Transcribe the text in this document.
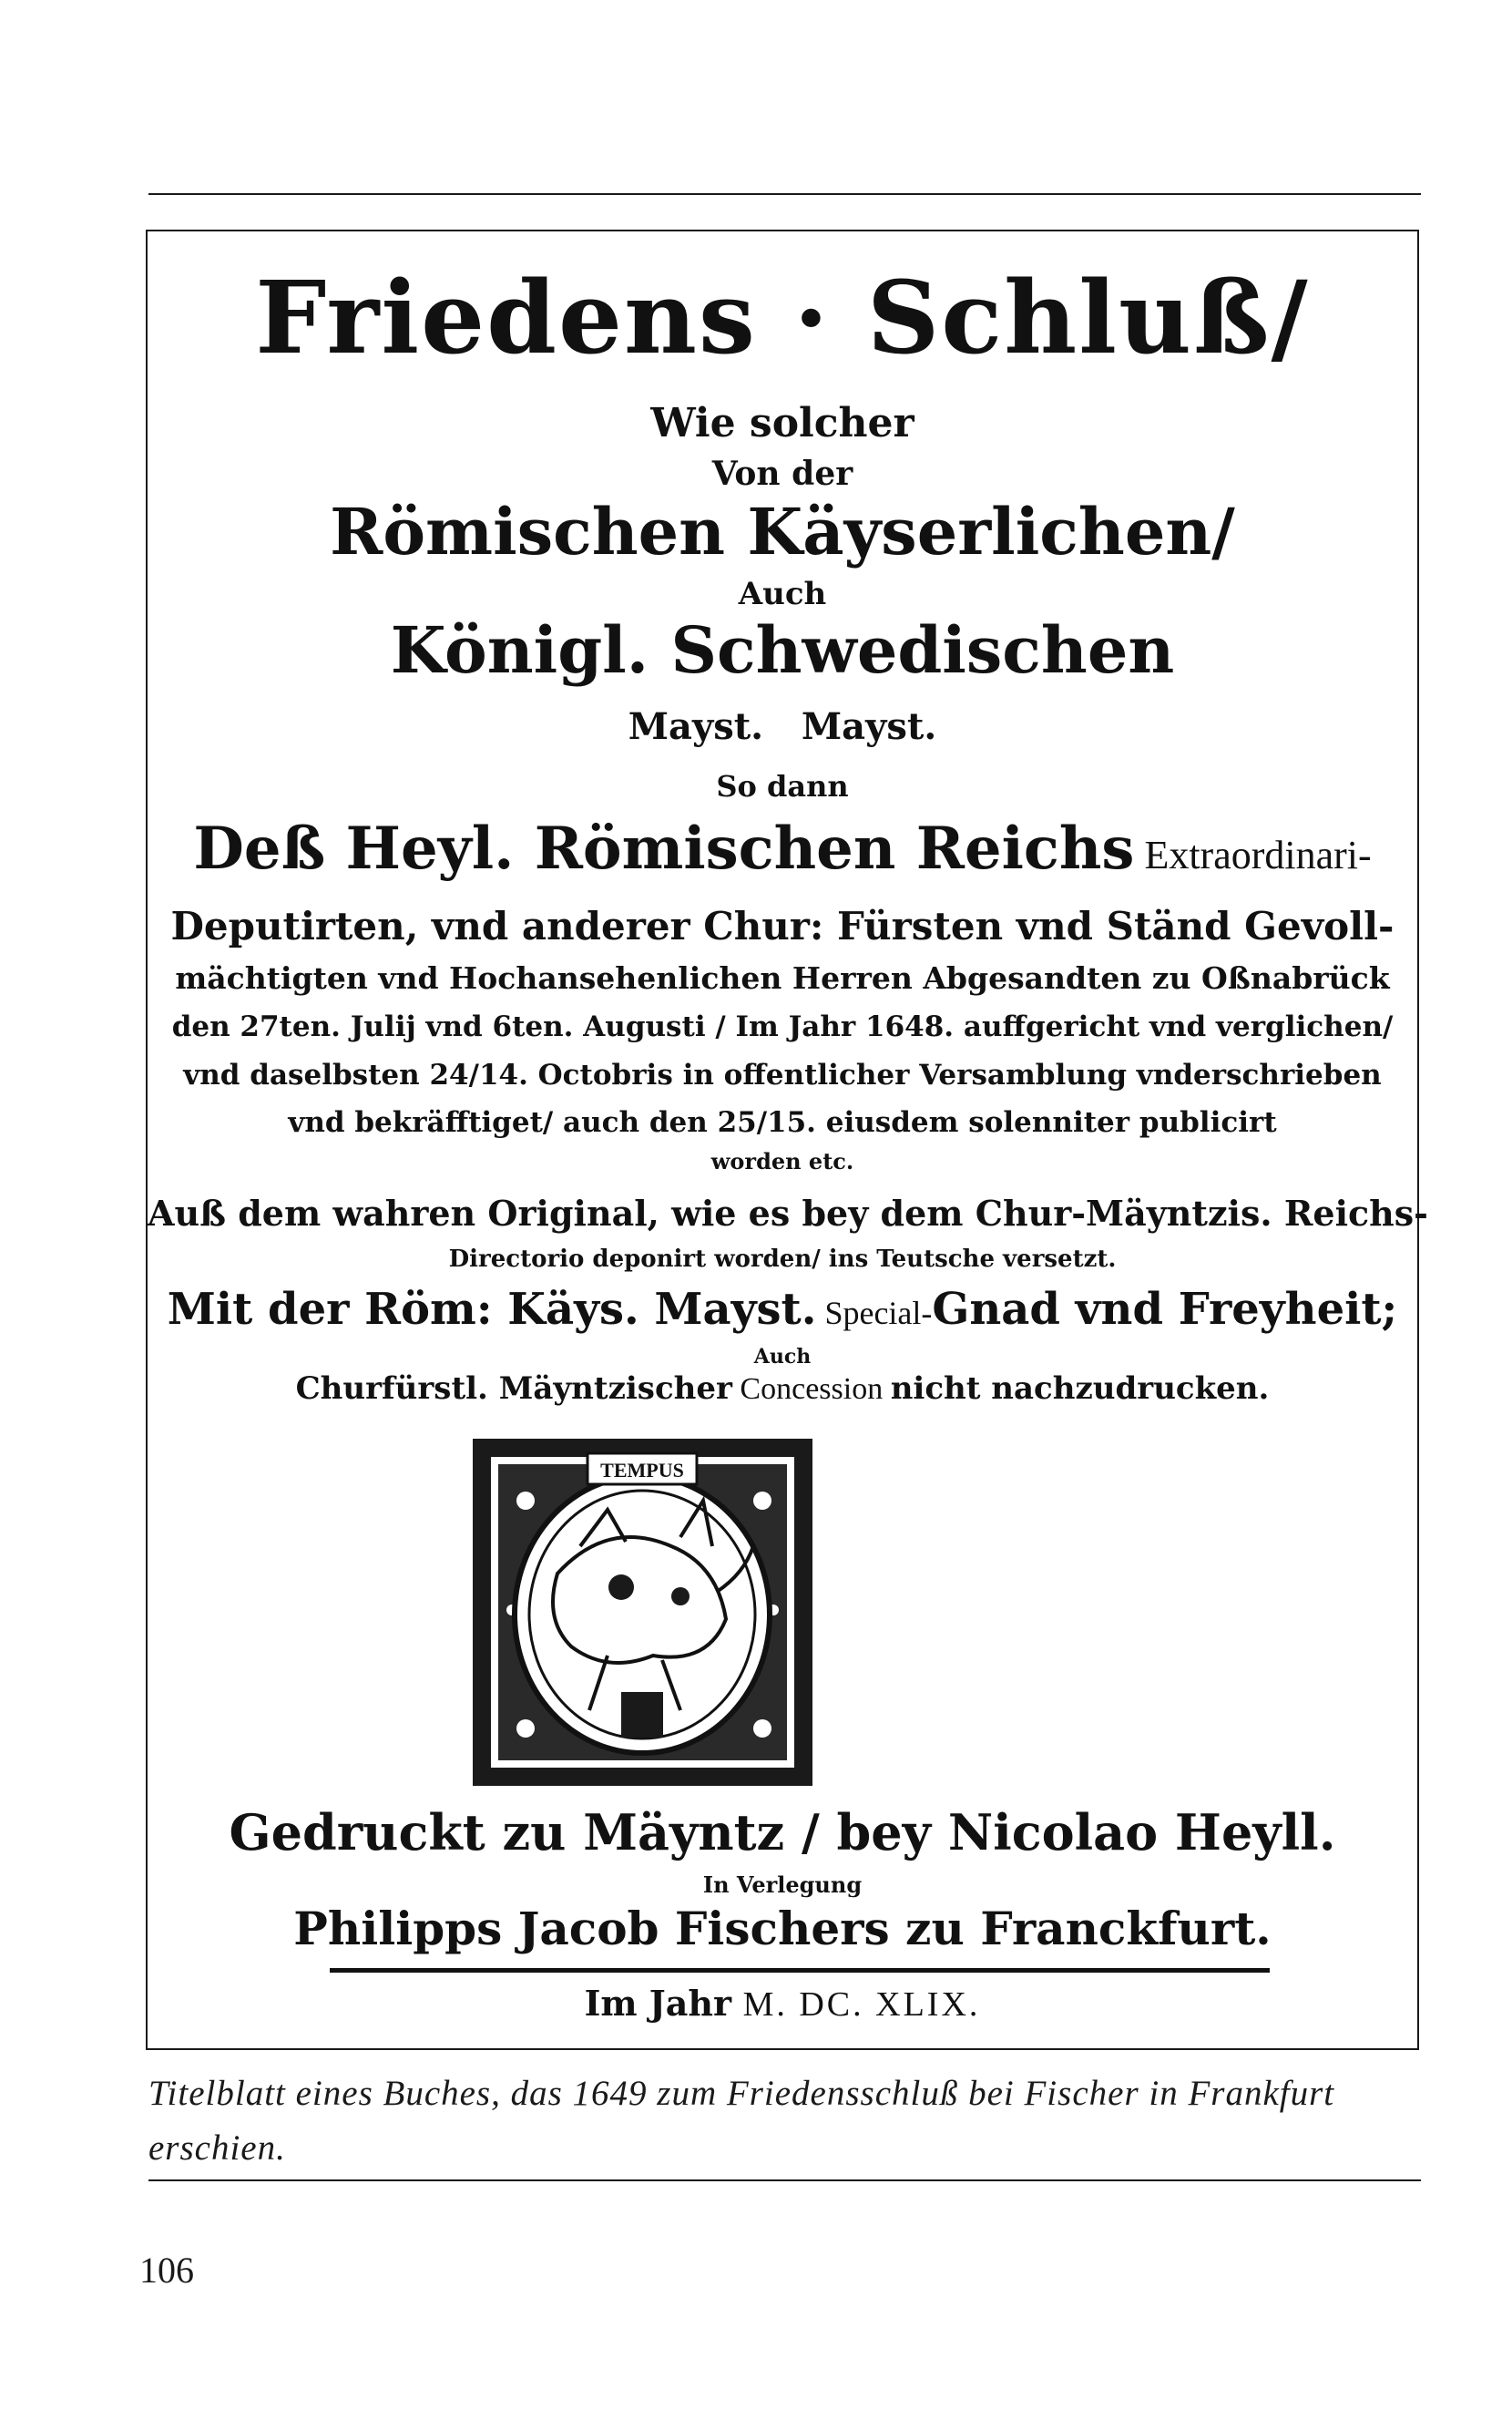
Friedens · Schluß/
Wie solcher
Von der
Römischen Käyserlichen/
Auch
Königl. Schwedischen
Mayst.   Mayst.
So dann
Deß Heyl. Römischen Reichs Extraordinari-
Deputirten, vnd anderer Chur: Fürsten vnd Ständ Gevoll-
mächtigten vnd Hochansehenlichen Herren Abgesandten zu Oßnabrück
den 27ten. Julij vnd 6ten. Augusti / Im Jahr 1648. auffgericht vnd verglichen/
vnd daselbsten 24/14. Octobris in offentlicher Versamblung vnderschrieben
vnd bekräfftiget/ auch den 25/15. eiusdem solenniter publicirt
worden etc.
Auß dem wahren Original, wie es bey dem Chur-Mäyntzis. Reichs-
Directorio deponirt worden/ ins Teutsche versetzt.
Mit der Röm: Käys. Mayst. Special-Gnad vnd Freyheit;
Auch
Churfürstl. Mäyntzischer Concession nicht nachzudrucken.
TEMPUS
Gedruckt zu Mäyntz / bey Nicolao Heyll.
In Verlegung
Philipps Jacob Fischers zu Franckfurt.
Im Jahr M. DC. XLIX.
Titelblatt eines Buches, das 1649 zum Friedensschluß bei Fischer in Frankfurt erschien.
106
